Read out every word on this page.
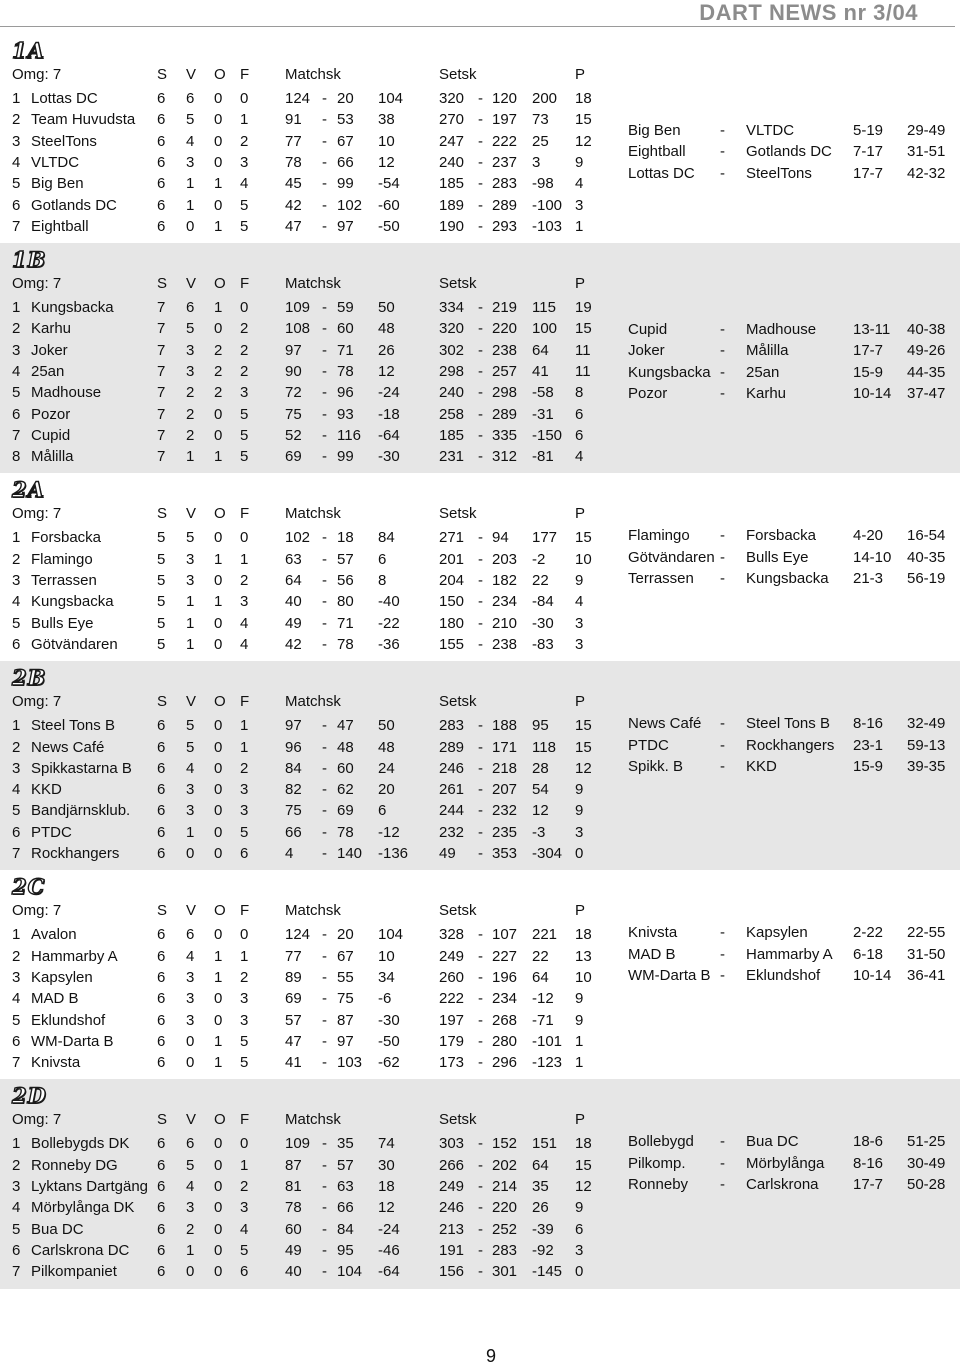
DART NEWS nr 3/04
1A
Omg: 7	S V O F Matchsk	Setsk	P
1 Lottas DC	6 6 0 0 124 - 20 104 320 - 120 200 18
2 Team Huvudsta 6 5 0 1 91 - 53 38	270 - 197 73 15
3 SteelTons	6 4 0 2 77 - 67 10	247 - 222 25 12
4 VLTDC	6 3 0 3 78 - 66 12	240 - 237 3 9
5 Big Ben	6 1 1 4 45 - 99 -54	185 - 283 -98 4
6 Gotlands DC	6 1 0 5 42 - 102 -60	189 - 289 -100 3
7 Eightball	6 0 1 5 47 - 97 -50	190 - 293 -103 1
Big Ben	- VLTDC	5-19 29-49
Eightball - Gotlands DC 7-17 31-51
Lottas DC - SteelTons	17-7 42-32
1B
Omg: 7	S V O F Matchsk	Setsk	P
1 Kungsbacka	7 6 1 0 109 - 59 50	334 - 219 115 19
2 Karhu	7 5 0 2 108 - 60 48	320 - 220 100 15
3 Joker	7 3 2 2 97 - 71 26	302 - 238 64 11
4 25an	7 3 2 2 90 - 78 12	298 - 257 41 11
5 Madhouse	7 2 2 3 72 - 96 -24	240 - 298 -58 8
6 Pozor	7 2 0 5 75 - 93 -18	258 - 289 -31 6
7 Cupid	7 2 0 5 52 - 116 -64	185 - 335 -150 6
8 Målilla	7 1 1 5 69 - 99 -30	231 - 312 -81 4
Cupid	- Madhouse 13-11 40-38
Joker	- Målilla	17-7 49-26
Kungsbacka - 25an	15-9 44-35
Pozor	- Karhu	10-14 37-47
2A
Omg: 7	S V O F Matchsk	Setsk	P
1 Forsbacka	5 5 0 0 102 - 18 84	271 - 94 177 15
2 Flamingo	5 3 1 1 63 - 57 6	201 - 203 -2 10
3 Terrassen	5 3 0 2 64 - 56 8	204 - 182 22 9
4 Kungsbacka	5 1 1 3 40 - 80 -40	150 - 234 -84 4
5 Bulls Eye	5 1 0 4 49 - 71 -22	180 - 210 -30 3
6 Götvändaren	5 1 0 4 42 - 78 -36	155 - 238 -83 3
Flamingo - Forsbacka 4-20 16-54
Götvändaren - Bulls Eye	14-10 40-35
Terrassen - Kungsbacka 21-3 56-19
2B
Omg: 7	S V O F Matchsk	Setsk	P
1 Steel Tons B	6 5 0 1 97 - 47 50	283 - 188 95 15
2 News Café	6 5 0 1 96 - 48 48	289 - 171 118 15
3 Spikkastarna B 6 4 0 2 84 - 60 24	246 - 218 28 12
4 KKD	6 3 0 3 82 - 62 20	261 - 207 54 9
5 Bandjärnsklub. 6 3 0 3 75 - 69 6	244 - 232 12 9
6 PTDC	6 1 0 5 66 - 78 -12	232 - 235 -3 3
7 Rockhangers	6 0 0 6 4 - 140 -136 49 - 353 -304 0
News Café - Steel Tons B 8-16 32-49
PTDC	- Rockhangers 23-1 59-13
Spikk. B - KKD	15-9 39-35
2C
Omg: 7	S V O F Matchsk	Setsk	P
1 Avalon	6 6 0 0 124 - 20 104 328 - 107 221 18
2 Hammarby A	6 4 1 1 77 - 67 10	249 - 227 22 13
3 Kapsylen	6 3 1 2 89 - 55 34	260 - 196 64 10
4 MAD B	6 3 0 3 69 - 75 -6	222 - 234 -12 9
5 Eklundshof	6 3 0 3 57 - 87 -30	197 - 268 -71 9
6 WM-Darta B	6 0 1 5 47 - 97 -50	179 - 280 -101 1
7 Knivsta	6 0 1 5 41 - 103 -62	173 - 296 -123 1
Knivsta	- Kapsylen	2-22 22-55
MAD B	- Hammarby A 6-18 31-50
WM-Darta B - Eklundshof 10-14 36-41
2D
Omg: 7	S V O F Matchsk	Setsk	P
1 Bollebygds DK 6 6 0 0 109 - 35 74	303 - 152 151 18
2 Ronneby DG	6 5 0 1 87 - 57 30	266 - 202 64 15
3 Lyktans Dartgäng 6 4 0 2 81 - 63 18	249 - 214 35 12
4 Mörbylånga DK 6 3 0 3 78 - 66 12	246 - 220 26 9
5 Bua DC	6 2 0 4 60 - 84 -24	213 - 252 -39 6
6 Carlskrona DC 6 1 0 5 49 - 95 -46	191 - 283 -92 3
7 Pilkompaniet	6 0 0 6 40 - 104 -64	156 - 301 -145 0
Bollebygd - Bua DC	18-6 51-25
Pilkomp. - Mörbylånga 8-16 30-49
Ronneby - Carlskrona 17-7 50-28
9
